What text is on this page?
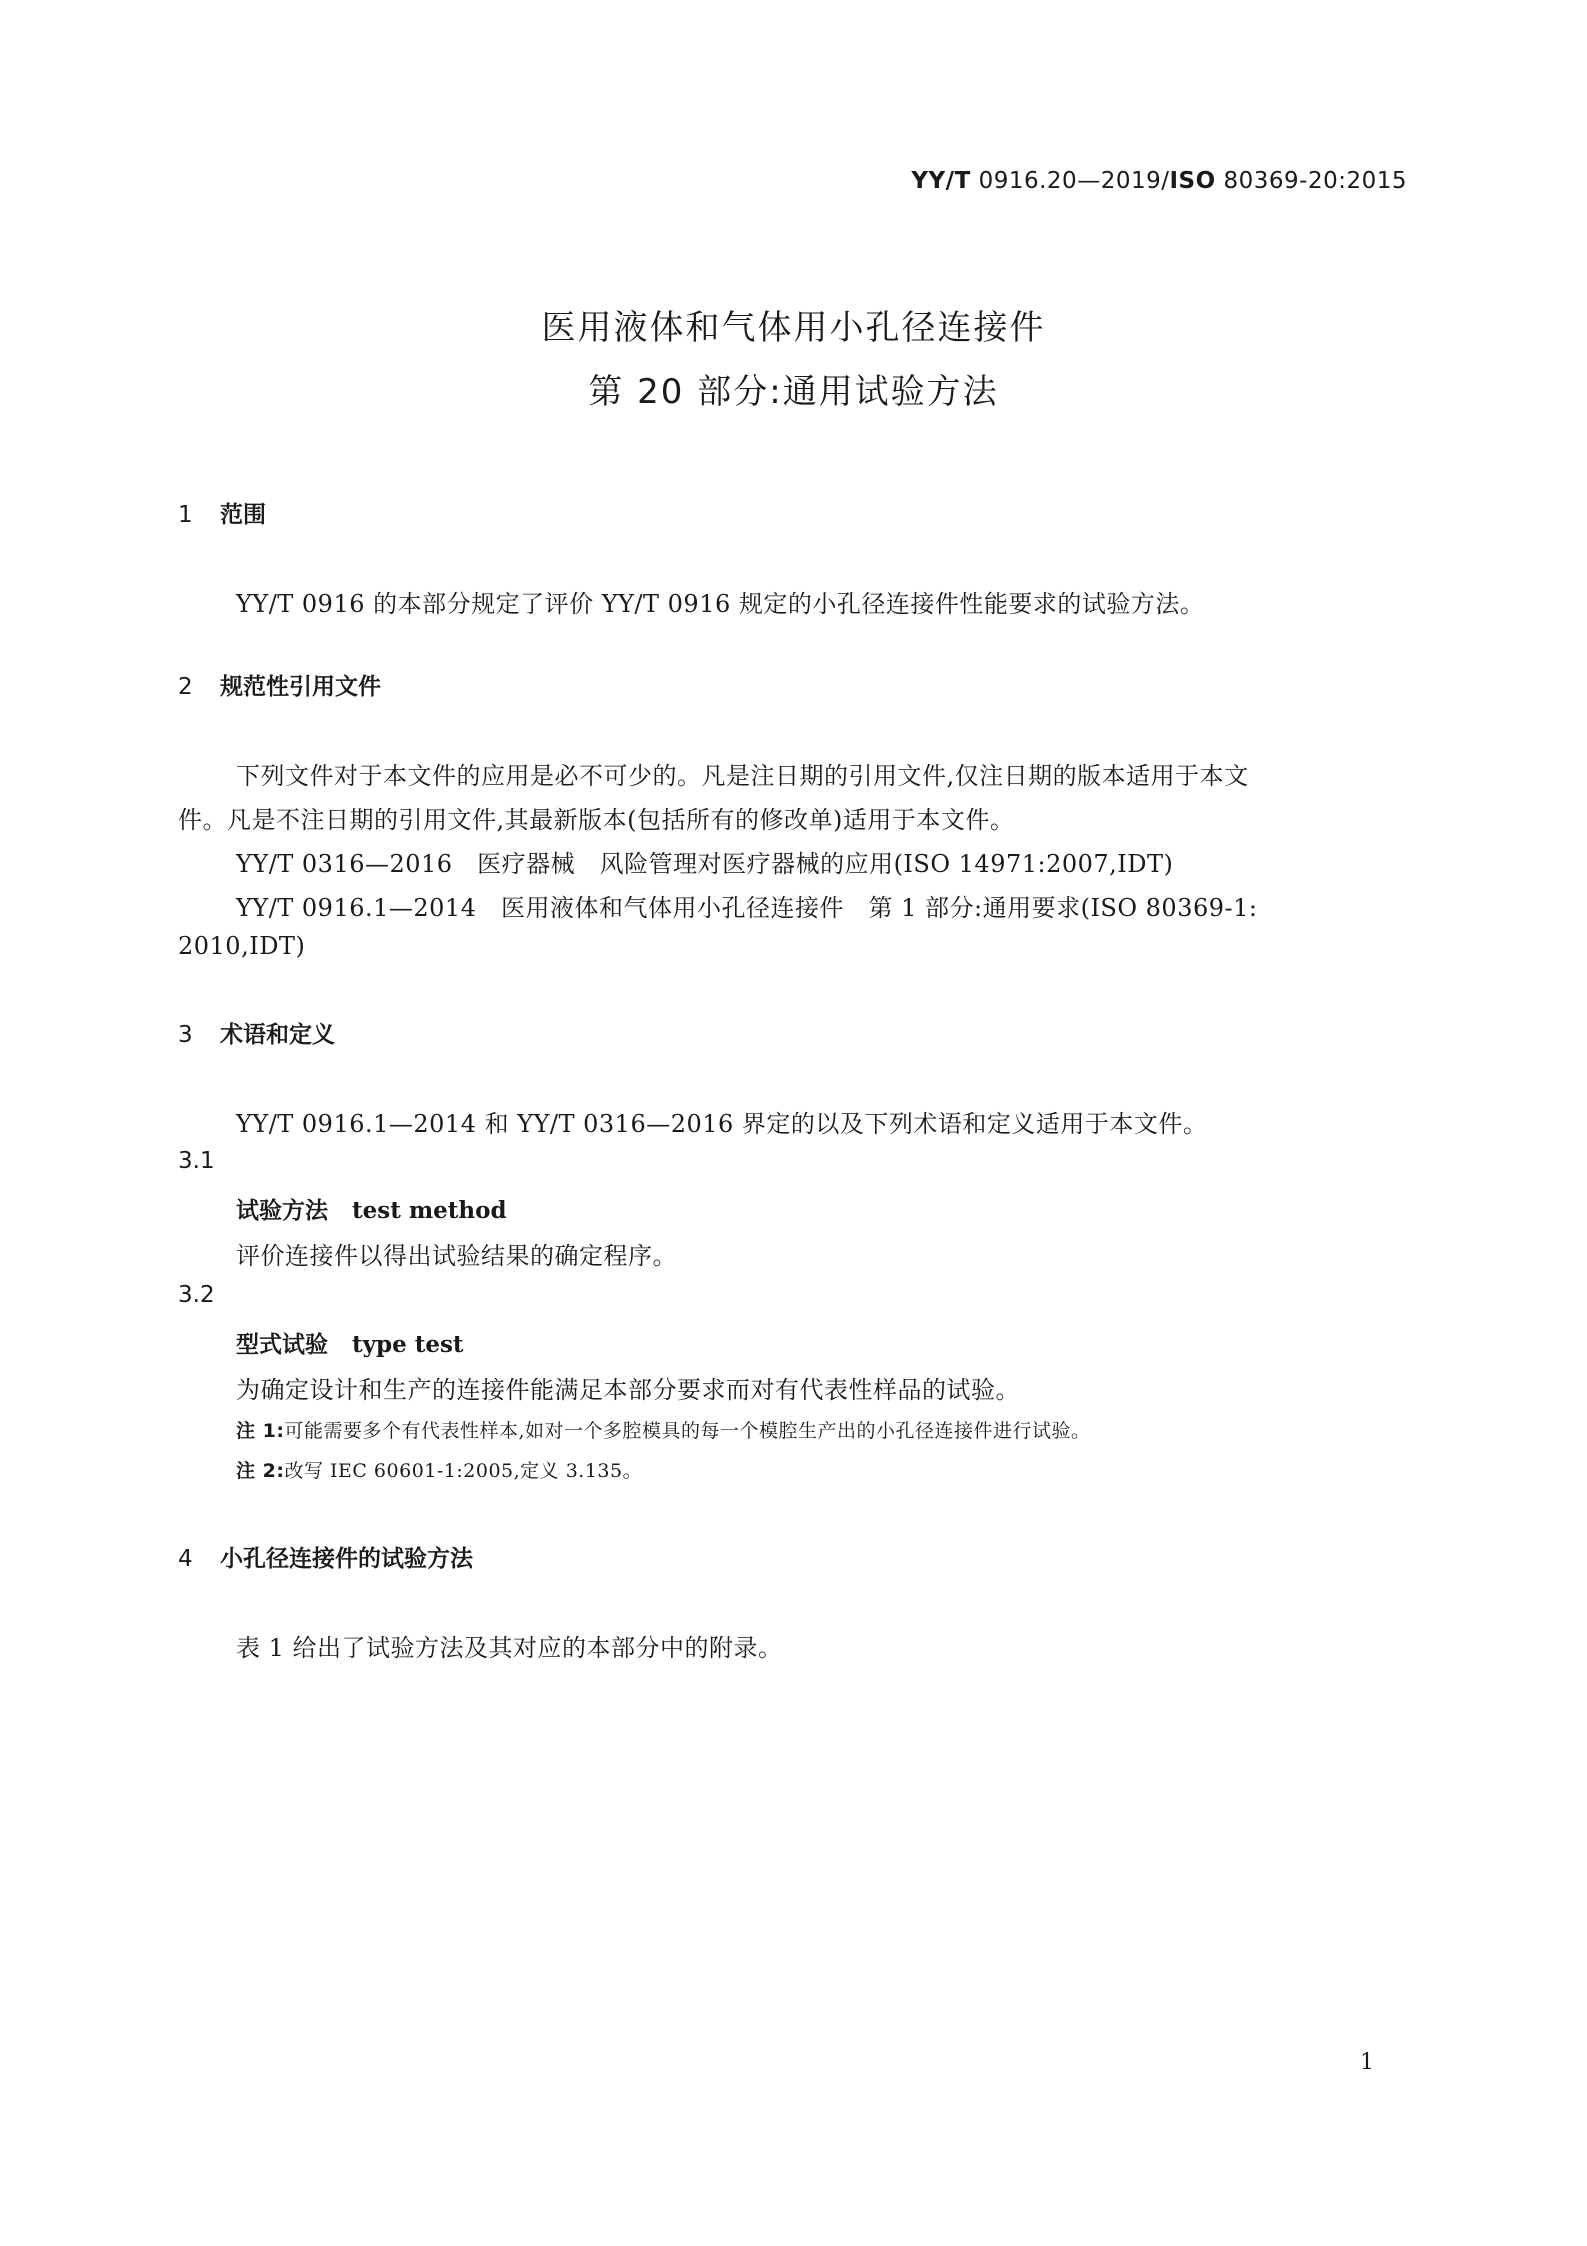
YY/T 0916.20—2019/ISO 80369-20:2015
医用液体和气体用小孔径连接件
第 20 部分:通用试验方法
1 范围
YY/T 0916 的本部分规定了评价 YY/T 0916 规定的小孔径连接件性能要求的试验方法。
2 规范性引用文件
下列文件对于本文件的应用是必不可少的。凡是注日期的引用文件,仅注日期的版本适用于本文
件。凡是不注日期的引用文件,其最新版本(包括所有的修改单)适用于本文件。
YY/T 0316—2016　医疗器械　风险管理对医疗器械的应用(ISO 14971:2007,IDT)
YY/T 0916.1—2014　医用液体和气体用小孔径连接件　第 1 部分:通用要求(ISO 80369-1:
2010,IDT)
3 术语和定义
YY/T 0916.1—2014 和 YY/T 0316—2016 界定的以及下列术语和定义适用于本文件。
3.1
试验方法 test method
评价连接件以得出试验结果的确定程序。
3.2
型式试验 type test
为确定设计和生产的连接件能满足本部分要求而对有代表性样品的试验。
注 1:可能需要多个有代表性样本,如对一个多腔模具的每一个模腔生产出的小孔径连接件进行试验。
注 2:改写 IEC 60601-1:2005,定义 3.135。
4 小孔径连接件的试验方法
表 1 给出了试验方法及其对应的本部分中的附录。
1
